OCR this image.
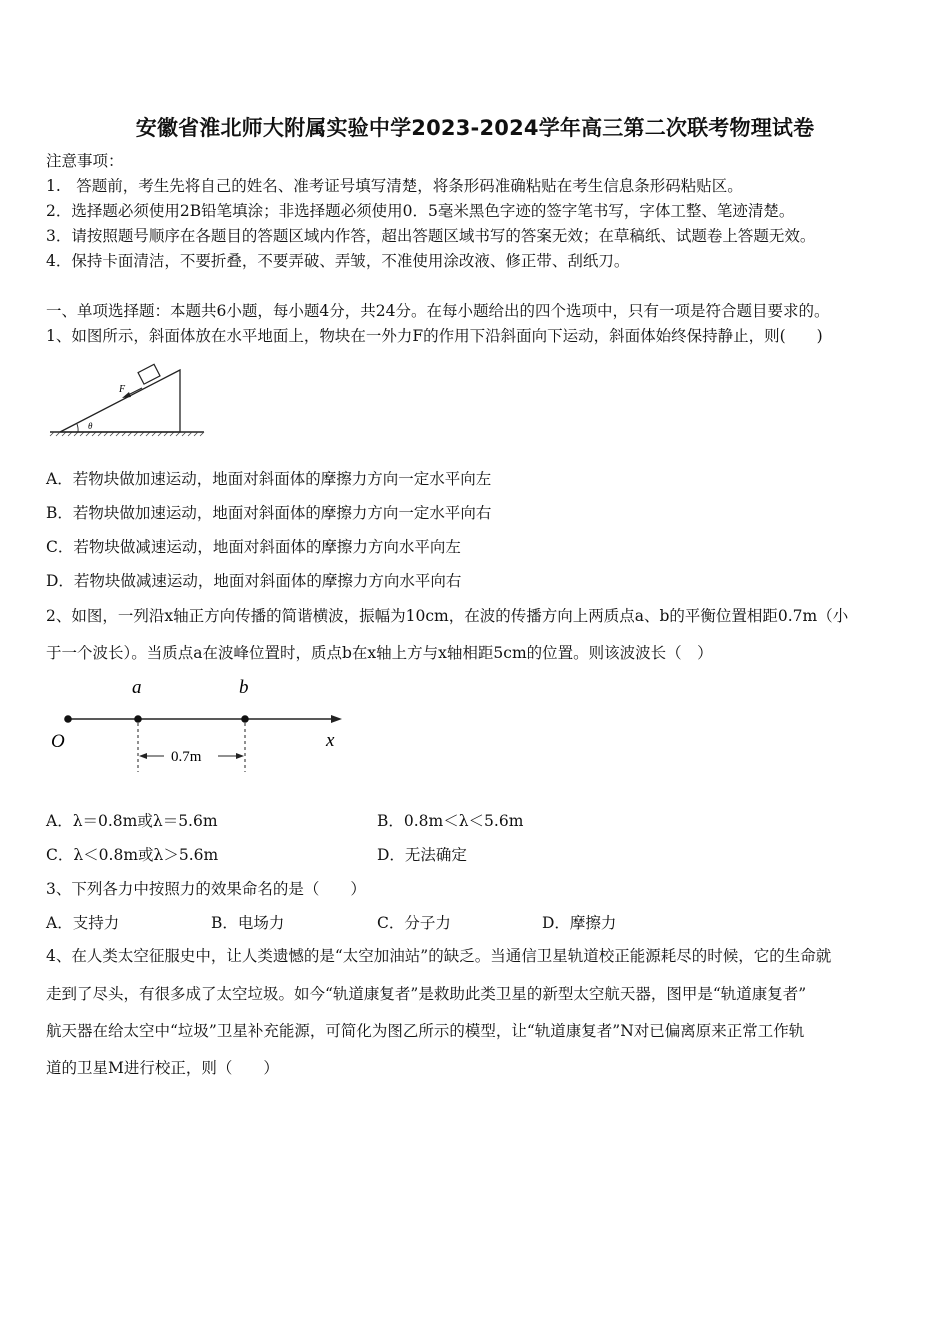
安徽省淮北师大附属实验中学2023-2024学年高三第二次联考物理试卷
注意事项：
1.　答题前，考生先将自己的姓名、准考证号填写清楚，将条形码准确粘贴在考生信息条形码粘贴区。
2．选择题必须使用2B铅笔填涂；非选择题必须使用0．5毫米黑色字迹的签字笔书写，字体工整、笔迹清楚。
3．请按照题号顺序在各题目的答题区域内作答，超出答题区域书写的答案无效；在草稿纸、试题卷上答题无效。
4．保持卡面清洁，不要折叠，不要弄破、弄皱，不准使用涂改液、修正带、刮纸刀。
一、单项选择题：本题共6小题，每小题4分，共24分。在每小题给出的四个选项中，只有一项是符合题目要求的。
1、如图所示，斜面体放在水平地面上，物块在一外力F的作用下沿斜面向下运动，斜面体始终保持静止，则(　　)
F
θ
A．若物块做加速运动，地面对斜面体的摩擦力方向一定水平向左
B．若物块做加速运动，地面对斜面体的摩擦力方向一定水平向右
C．若物块做减速运动，地面对斜面体的摩擦力方向水平向左
D．若物块做减速运动，地面对斜面体的摩擦力方向水平向右
2、如图，一列沿x轴正方向传播的简谐横波，振幅为10cm，在波的传播方向上两质点a、b的平衡位置相距0.7m（小
于一个波长）。当质点a在波峰位置时，质点b在x轴上方与x轴相距5cm的位置。则该波波长（　）
a	b
O	x
0.7m
A．λ＝0.8m或λ＝5.6m	B．0.8m＜λ＜5.6m
C．λ＜0.8m或λ＞5.6m	D．无法确定
3、下列各力中按照力的效果命名的是（　　）
A．支持力	B．电场力	C．分子力	D．摩擦力
4、在人类太空征服史中，让人类遗憾的是“太空加油站”的缺乏。当通信卫星轨道校正能源耗尽的时候，它的生命就
走到了尽头，有很多成了太空垃圾。如今“轨道康复者”是救助此类卫星的新型太空航天器，图甲是“轨道康复者”
航天器在给太空中“垃圾”卫星补充能源，可简化为图乙所示的模型，让“轨道康复者”N对已偏离原来正常工作轨
道的卫星M进行校正，则（　　）
